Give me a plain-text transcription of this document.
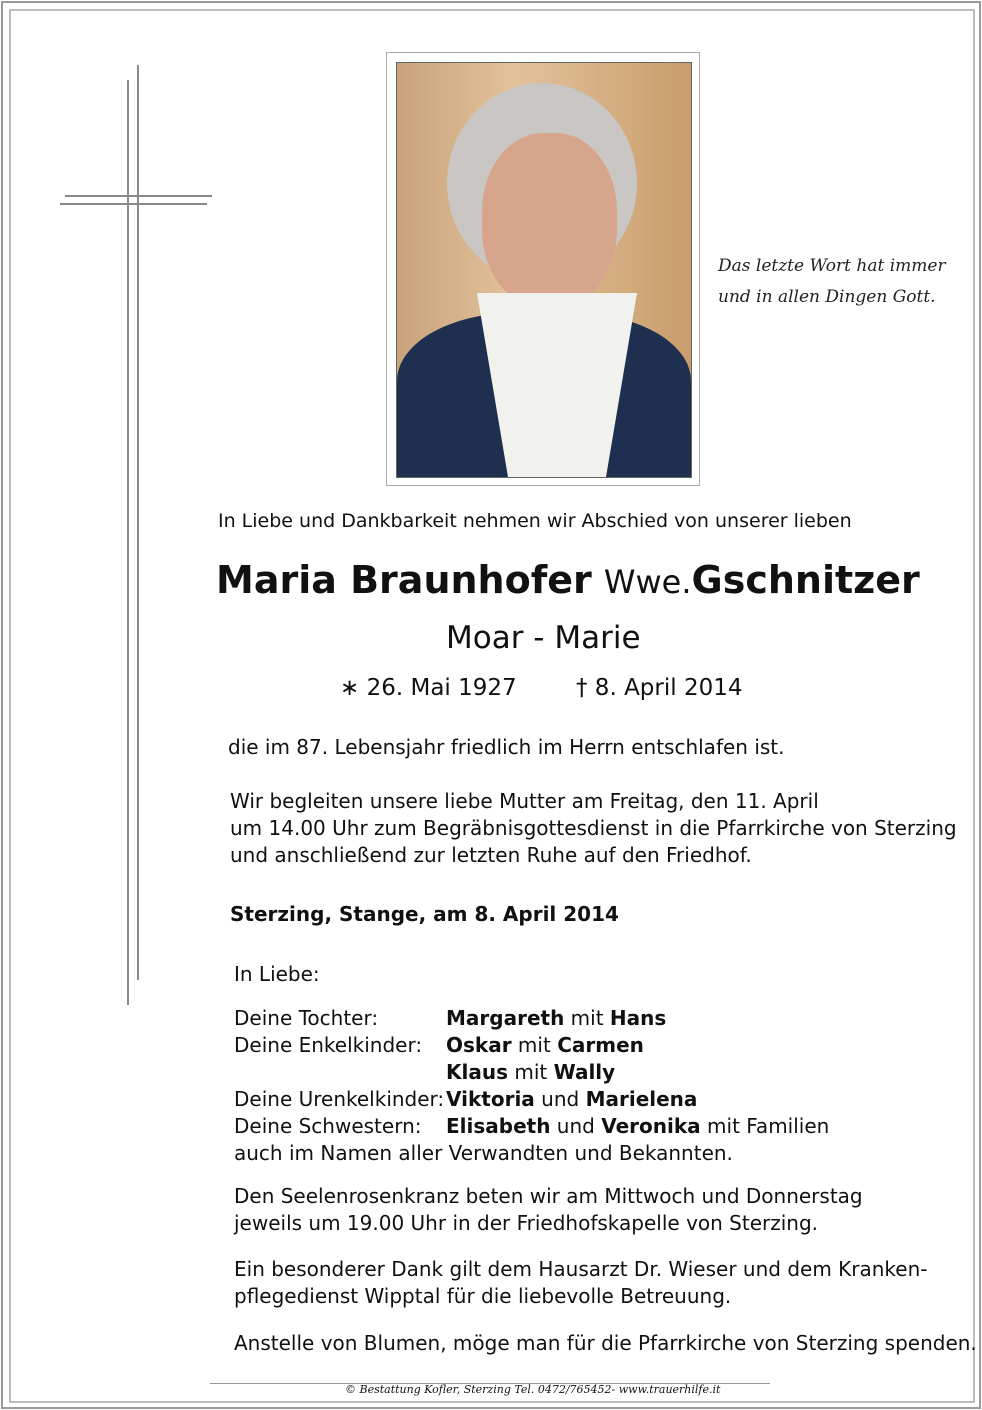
Das letzte Wort hat immer
und in allen Dingen Gott.
In Liebe und Dankbarkeit nehmen wir Abschied von unserer lieben
Maria Braunhofer Wwe.Gschnitzer
Moar - Marie
∗ 26. Mai 1927	† 8. April 2014
die im 87. Lebensjahr friedlich im Herrn entschlafen ist.
Wir begleiten unsere liebe Mutter am Freitag, den 11. April
um 14.00 Uhr zum Begräbnisgottesdienst in die Pfarrkirche von Sterzing
und anschließend zur letzten Ruhe auf den Friedhof.
Sterzing, Stange, am 8. April 2014
In Liebe:
Deine Tochter:	Margareth mit Hans
Deine Enkelkinder:	Oskar mit Carmen
Klaus mit Wally
Deine Urenkelkinder: Viktoria und Marielena
Deine Schwestern:	Elisabeth und Veronika mit Familien
auch im Namen aller Verwandten und Bekannten.
Den Seelenrosenkranz beten wir am Mittwoch und Donnerstag
jeweils um 19.00 Uhr in der Friedhofskapelle von Sterzing.
Ein besonderer Dank gilt dem Hausarzt Dr. Wieser und dem Kranken-
pflegedienst Wipptal für die liebevolle Betreuung.
Anstelle von Blumen, möge man für die Pfarrkirche von Sterzing spenden.
© Bestattung Kofler, Sterzing Tel. 0472/765452- www.trauerhilfe.it
